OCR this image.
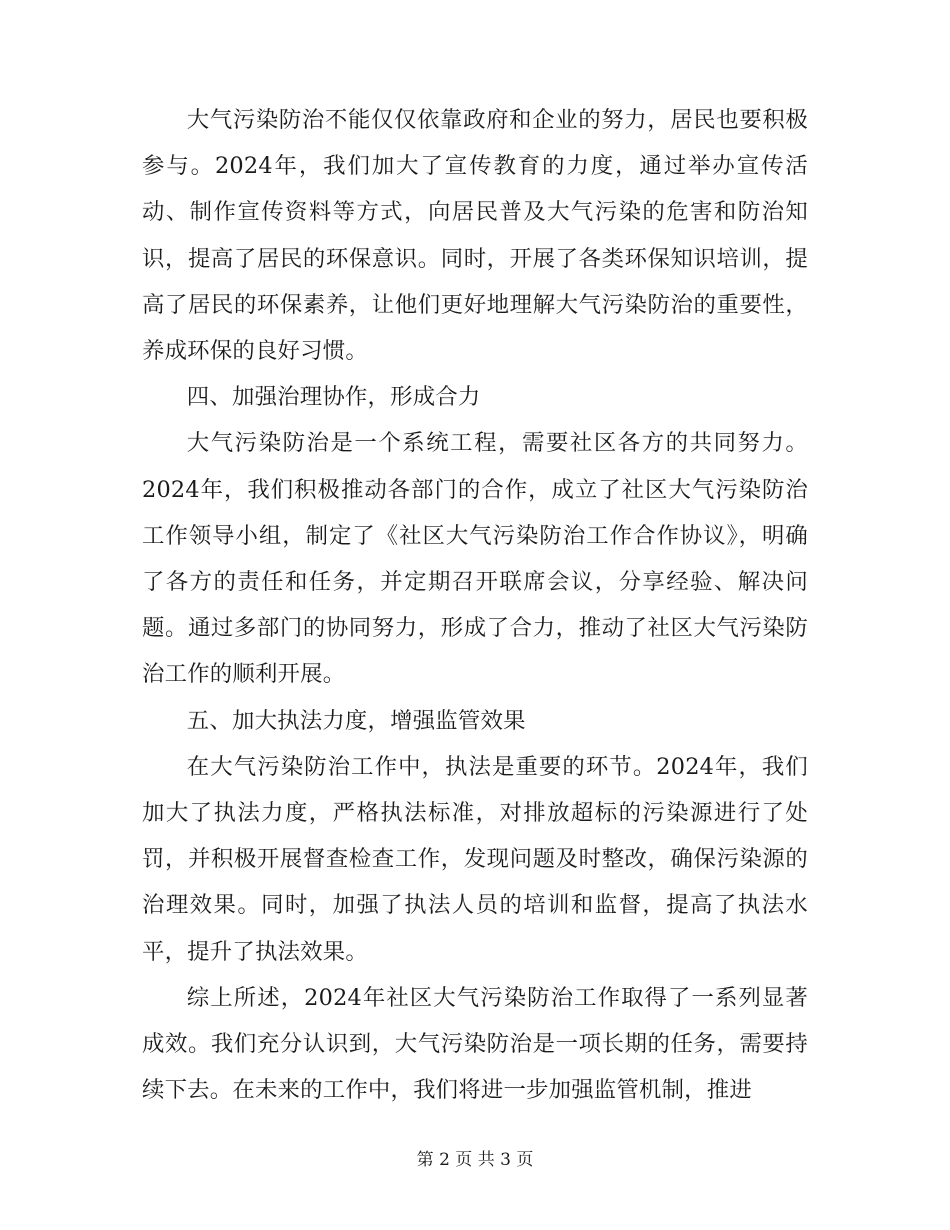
大气污染防治不能仅仅依靠政府和企业的努力，居民也要积极参与。2024年，我们加大了宣传教育的力度，通过举办宣传活动、制作宣传资料等方式，向居民普及大气污染的危害和防治知识，提高了居民的环保意识。同时，开展了各类环保知识培训，提高了居民的环保素养，让他们更好地理解大气污染防治的重要性，养成环保的良好习惯。

四、加强治理协作，形成合力

大气污染防治是一个系统工程，需要社区各方的共同努力。2024年，我们积极推动各部门的合作，成立了社区大气污染防治工作领导小组，制定了《社区大气污染防治工作合作协议》，明确了各方的责任和任务，并定期召开联席会议，分享经验、解决问题。通过多部门的协同努力，形成了合力，推动了社区大气污染防治工作的顺利开展。

五、加大执法力度，增强监管效果

在大气污染防治工作中，执法是重要的环节。2024年，我们加大了执法力度，严格执法标准，对排放超标的污染源进行了处罚，并积极开展督查检查工作，发现问题及时整改，确保污染源的治理效果。同时，加强了执法人员的培训和监督，提高了执法水平，提升了执法效果。

综上所述，2024年社区大气污染防治工作取得了一系列显著成效。我们充分认识到，大气污染防治是一项长期的任务，需要持续下去。在未来的工作中，我们将进一步加强监管机制，推进

第 2 页 共 3 页
